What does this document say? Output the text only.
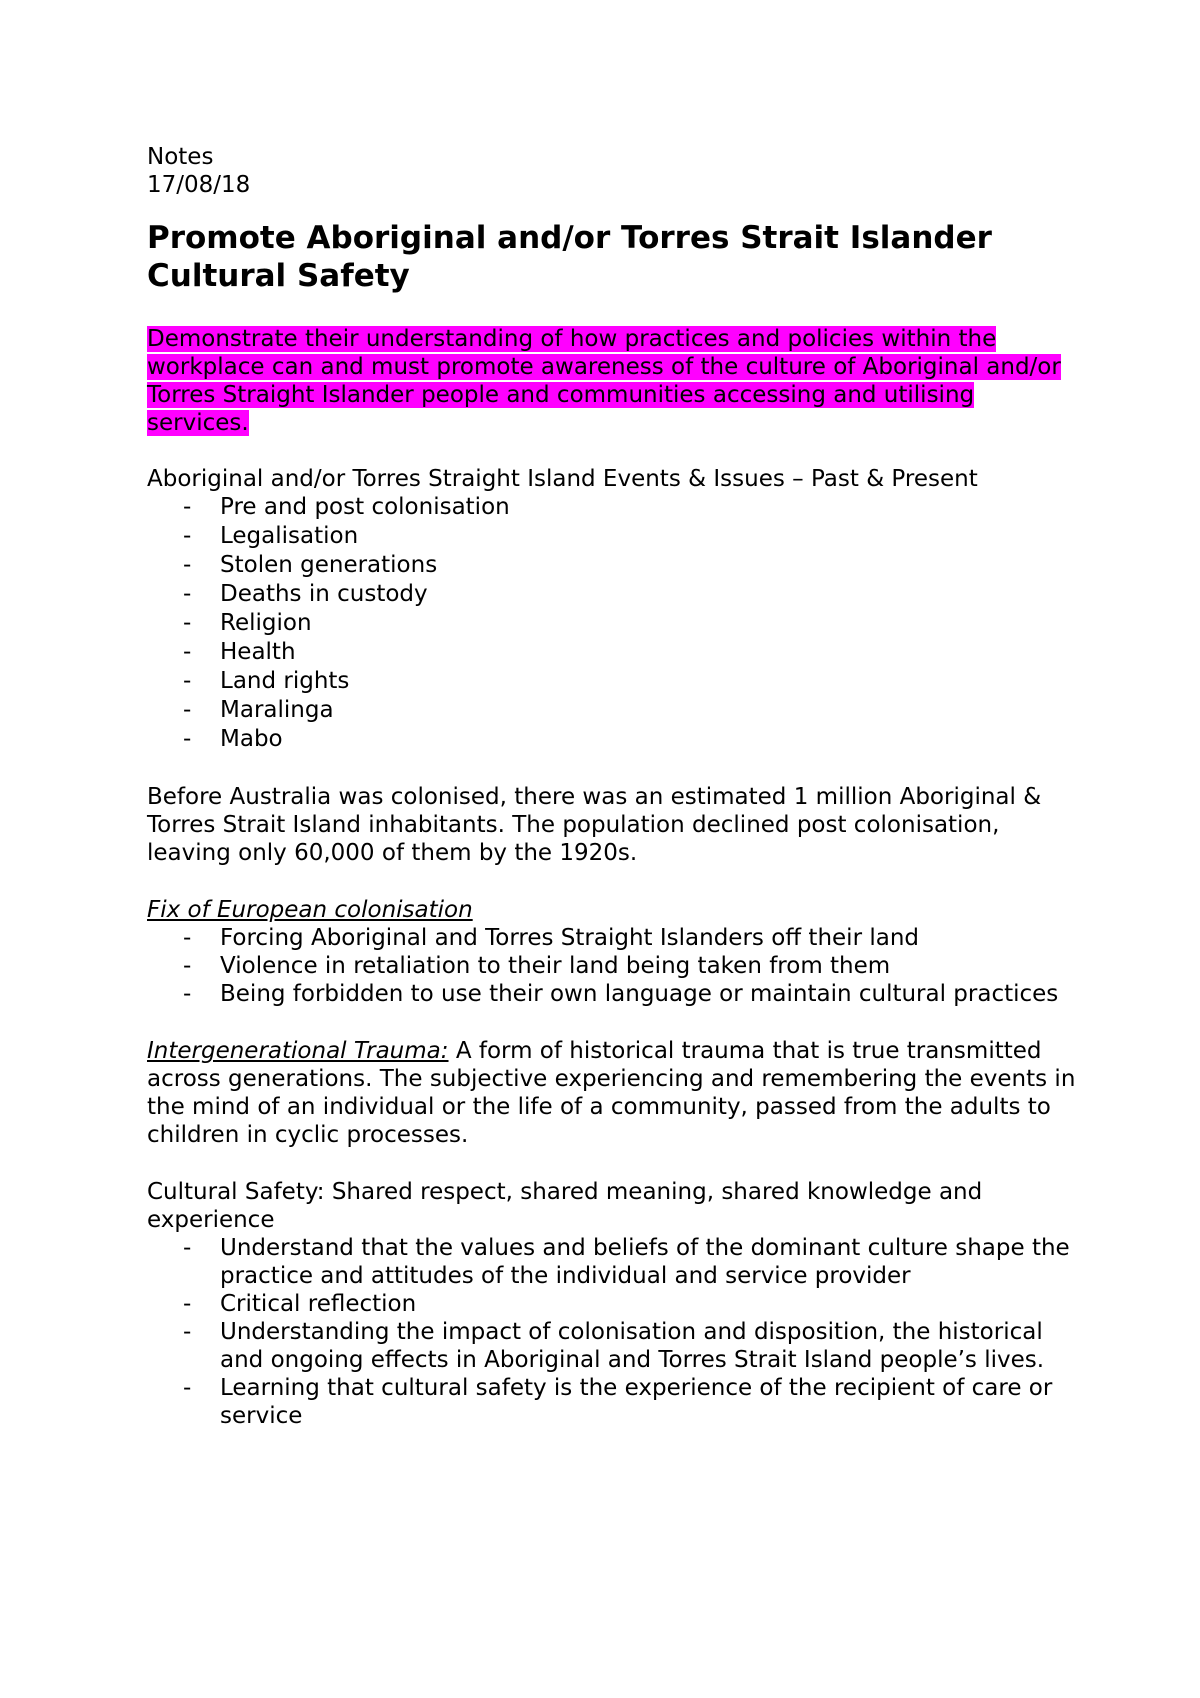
Notes

17/08/18

Promote Aboriginal and/or Torres Strait Islander Cultural Safety

Demonstrate their understanding of how practices and policies within the workplace can and must promote awareness of the culture of Aboriginal and/or Torres Straight Islander people and communities accessing and utilising services.

Aboriginal and/or Torres Straight Island Events & Issues – Past & Present

- Pre and post colonisation
- Legalisation
- Stolen generations
- Deaths in custody
- Religion
- Health
- Land rights
- Maralinga
- Mabo

Before Australia was colonised, there was an estimated 1 million Aboriginal & Torres Strait Island inhabitants. The population declined post colonisation, leaving only 60,000 of them by the 1920s.

Fix of European colonisation

- Forcing Aboriginal and Torres Straight Islanders off their land
- Violence in retaliation to their land being taken from them
- Being forbidden to use their own language or maintain cultural practices

Intergenerational Trauma: A form of historical trauma that is true transmitted across generations. The subjective experiencing and remembering the events in the mind of an individual or the life of a community, passed from the adults to children in cyclic processes.

Cultural Safety: Shared respect, shared meaning, shared knowledge and experience

- Understand that the values and beliefs of the dominant culture shape the practice and attitudes of the individual and service provider
- Critical reflection
- Understanding the impact of colonisation and disposition, the historical and ongoing effects in Aboriginal and Torres Strait Island people’s lives.
- Learning that cultural safety is the experience of the recipient of care or service
